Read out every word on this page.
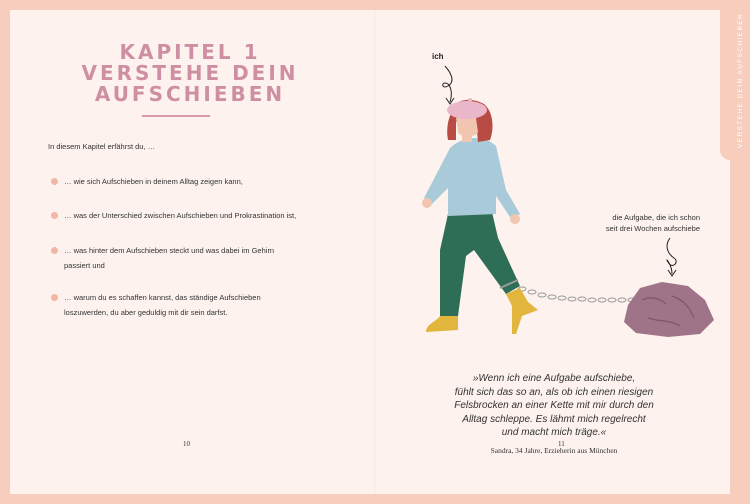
KAPITEL 1
VERSTEHE DEIN
AUFSCHIEBEN
In diesem Kapitel erfährst du, …
… wie sich Aufschieben in deinem Alltag zeigen kann,
… was der Unterschied zwischen Aufschieben und Prokrastination ist,
… was hinter dem Aufschieben steckt und was dabei im Gehirn
passiert und
… warum du es schaffen kannst, das ständige Aufschieben
loszuwerden, du aber geduldig mit dir sein darfst.
10
VERSTEHE DEIN AUFSCHIEBEN
ich
die Aufgabe, die ich schon
seit drei Wochen aufschiebe
»Wenn ich eine Aufgabe aufschiebe,
fühlt sich das so an, als ob ich einen riesigen
Felsbrocken an einer Kette mit mir durch den
Alltag schleppe. Es lähmt mich regelrecht
und macht mich träge.«
Sandra, 34 Jahre, Erzieherin aus München
11
